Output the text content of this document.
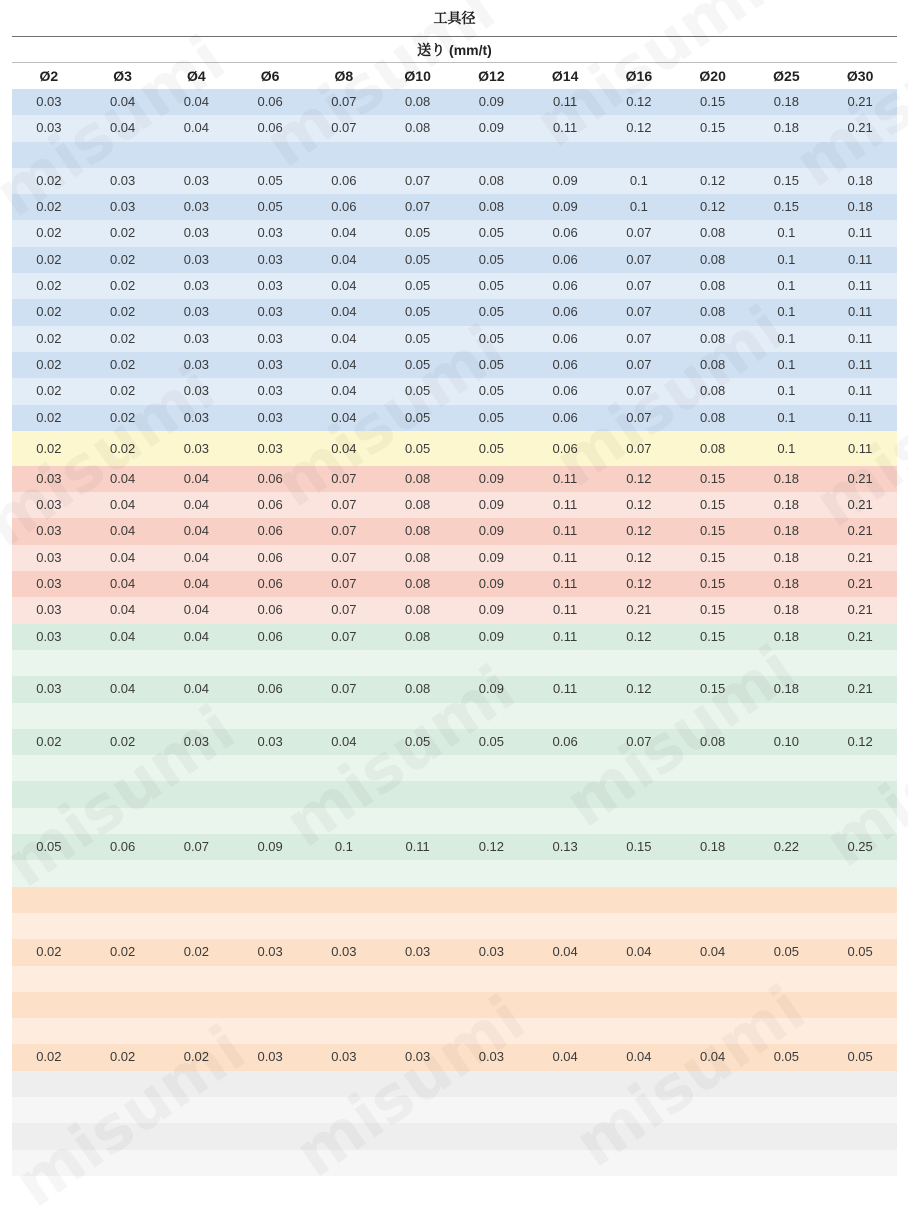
工具径
送り (mm/t)
Ø2	Ø3	Ø4	Ø6	Ø8	Ø10	Ø12	Ø14	Ø16	Ø20	Ø25	Ø30
0.03	0.04	0.04	0.06	0.07	0.08	0.09	0.11	0.12	0.15	0.18	0.21
0.03	0.04	0.04	0.06	0.07	0.08	0.09	0.11	0.12	0.15	0.18	0.21
0.02	0.03	0.03	0.05	0.06	0.07	0.08	0.09	0.1	0.12	0.15	0.18
0.02	0.03	0.03	0.05	0.06	0.07	0.08	0.09	0.1	0.12	0.15	0.18
0.02	0.02	0.03	0.03	0.04	0.05	0.05	0.06	0.07	0.08	0.1	0.11
0.02	0.02	0.03	0.03	0.04	0.05	0.05	0.06	0.07	0.08	0.1	0.11
0.02	0.02	0.03	0.03	0.04	0.05	0.05	0.06	0.07	0.08	0.1	0.11
0.02	0.02	0.03	0.03	0.04	0.05	0.05	0.06	0.07	0.08	0.1	0.11
0.02	0.02	0.03	0.03	0.04	0.05	0.05	0.06	0.07	0.08	0.1	0.11
0.02	0.02	0.03	0.03	0.04	0.05	0.05	0.06	0.07	0.08	0.1	0.11
0.02	0.02	0.03	0.03	0.04	0.05	0.05	0.06	0.07	0.08	0.1	0.11
0.02	0.02	0.03	0.03	0.04	0.05	0.05	0.06	0.07	0.08	0.1	0.11
0.02	0.02	0.03	0.03	0.04	0.05	0.05	0.06	0.07	0.08	0.1	0.11
0.03	0.04	0.04	0.06	0.07	0.08	0.09	0.11	0.12	0.15	0.18	0.21
0.03	0.04	0.04	0.06	0.07	0.08	0.09	0.11	0.12	0.15	0.18	0.21
0.03	0.04	0.04	0.06	0.07	0.08	0.09	0.11	0.12	0.15	0.18	0.21
0.03	0.04	0.04	0.06	0.07	0.08	0.09	0.11	0.12	0.15	0.18	0.21
0.03	0.04	0.04	0.06	0.07	0.08	0.09	0.11	0.12	0.15	0.18	0.21
0.03	0.04	0.04	0.06	0.07	0.08	0.09	0.11	0.21	0.15	0.18	0.21
0.03	0.04	0.04	0.06	0.07	0.08	0.09	0.11	0.12	0.15	0.18	0.21
0.03	0.04	0.04	0.06	0.07	0.08	0.09	0.11	0.12	0.15	0.18	0.21
0.02	0.02	0.03	0.03	0.04	0.05	0.05	0.06	0.07	0.08	0.10	0.12
0.05	0.06	0.07	0.09	0.1	0.11	0.12	0.13	0.15	0.18	0.22	0.25
0.02	0.02	0.02	0.03	0.03	0.03	0.03	0.04	0.04	0.04	0.05	0.05
0.02	0.02	0.02	0.03	0.03	0.03	0.03	0.04	0.04	0.04	0.05	0.05
